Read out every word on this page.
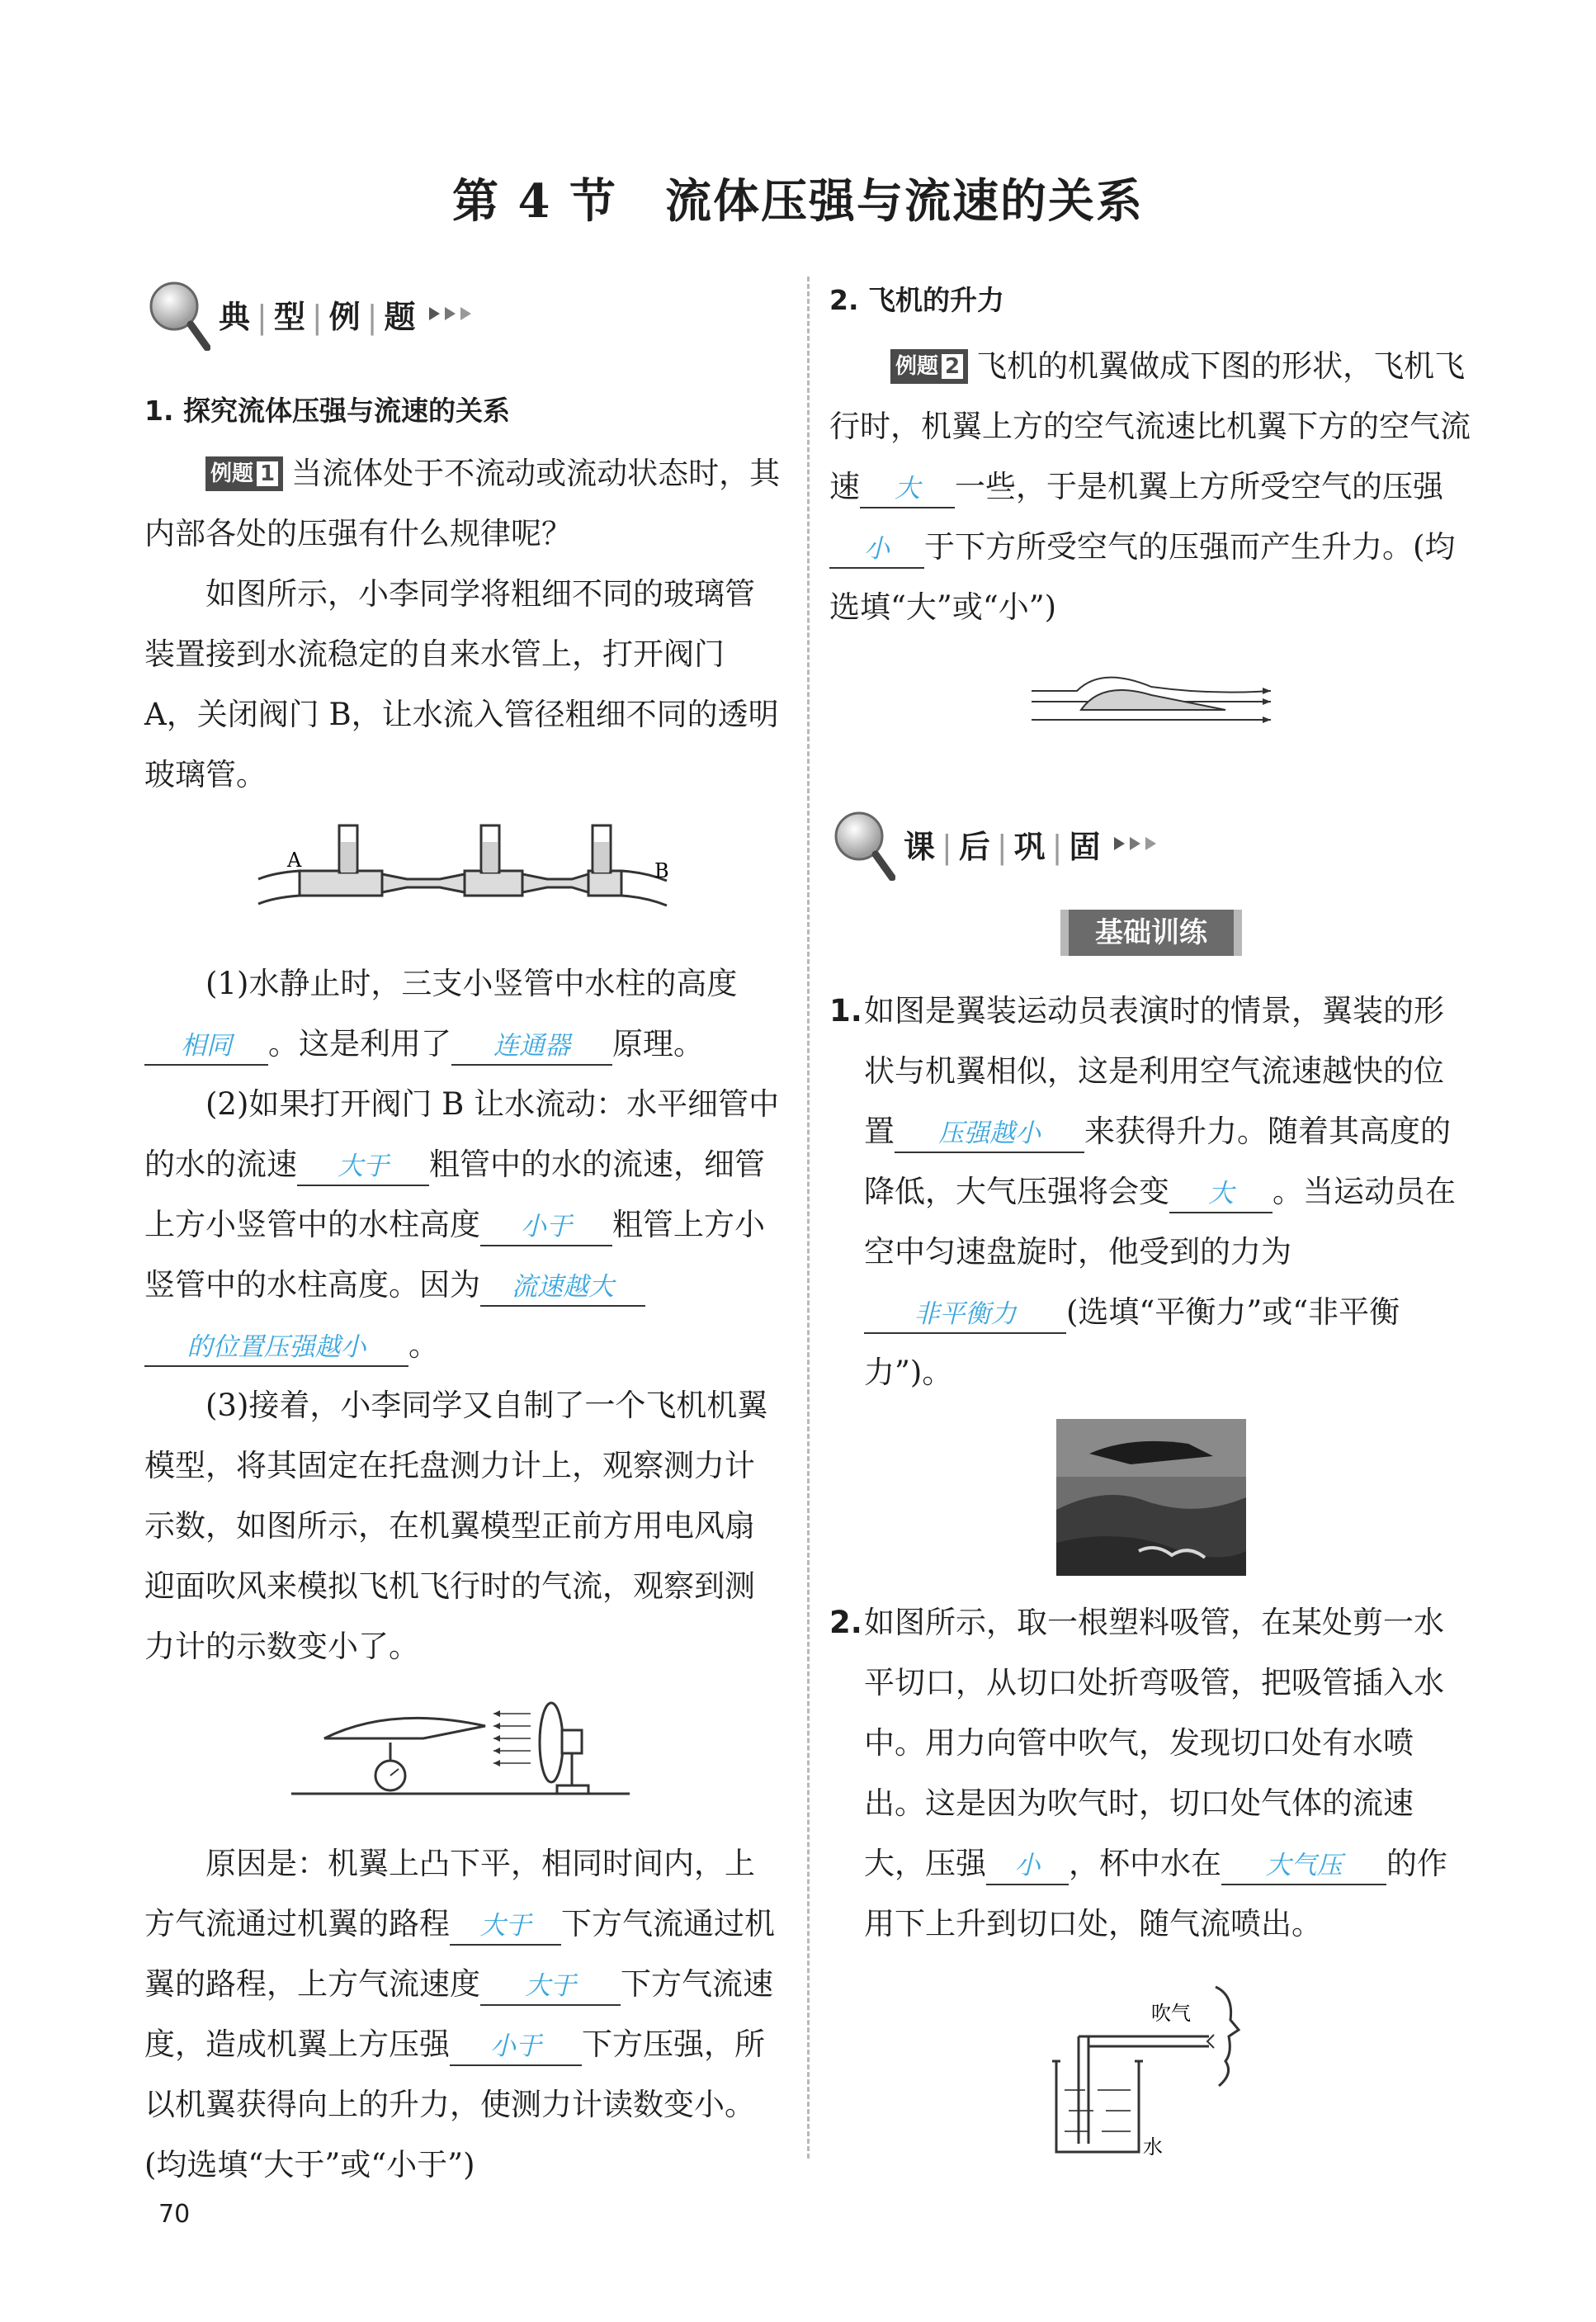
第 4 节　流体压强与流速的关系
典 | 型 | 例 | 题

1. 探究流体压强与流速的关系

例题 1 当流体处于不流动或流动状态时，其内部各处的压强有什么规律呢？

如图所示，小李同学将粗细不同的玻璃管装置接到水流稳定的自来水管上，打开阀门 A，关闭阀门 B，让水流入管径粗细不同的透明玻璃管。

A	B

(1)水静止时，三支小竖管中水柱的高度相同 。这是利用了 连通器 原理。

(2)如果打开阀门 B 让水流动：水平细管中的水的流速 大于 粗管中的水的流速，细管上方小竖管中的水柱高度 小于 粗管上方小竖管中的水柱高度。因为 流速越大的位置压强越小 。

(3)接着，小李同学又自制了一个飞机机翼模型，将其固定在托盘测力计上，观察测力计示数，如图所示，在机翼模型正前方用电风扇迎面吹风来模拟飞机飞行时的气流，观察到测力计的示数变小了。

原因是：机翼上凸下平，相同时间内，上方气流通过机翼的路程 大于 下方气流通过机翼的路程，上方气流速度 大于 下方气流速度，造成机翼上方压强 小于 下方压强，所以机翼获得向上的升力，使测力计读数变小。(均选填“大于”或“小于”)

2. 飞机的升力

例题 2 飞机的机翼做成下图的形状，飞机飞行时，机翼上方的空气流速比机翼下方的空气流速 大 一些，于是机翼上方所受空气的压强小 于下方所受空气的压强而产生升力。(均选填“大”或“小”)

课 | 后 | 巩 | 固
基础训练
1. 如图是翼装运动员表演时的情景，翼装的形状与机翼相似，这是利用空气流速越快的位置 压强越小 来获得升力。随着其高度的降低，大气压强将会变 大 。当运动员在空中匀速盘旋时，他受到的力为非平衡力 (选填“平衡力”或“非平衡力”)。

2. 如图所示，取一根塑料吸管，在某处剪一水平切口，从切口处折弯吸管，把吸管插入水中。用力向管中吹气，发现切口处有水喷出。这是因为吹气时，切口处气体的流速大，压强 小 ，杯中水在 大气压 的作用下上升到切口处，随气流喷出。

吹气
水
70
